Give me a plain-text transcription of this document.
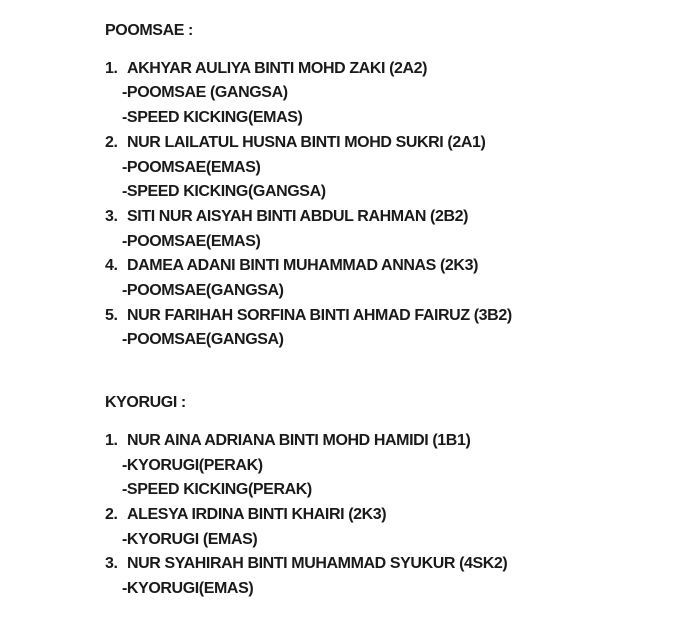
POOMSAE :

1. AKHYAR AULIYA BINTI MOHD ZAKI (2A2)

-POOMSAE (GANGSA)

-SPEED KICKING(EMAS)

2. NUR LAILATUL HUSNA BINTI MOHD SUKRI (2A1)

-POOMSAE(EMAS)

-SPEED KICKING(GANGSA)

3. SITI NUR AISYAH BINTI ABDUL RAHMAN (2B2)

-POOMSAE(EMAS)

4. DAMEA ADANI BINTI MUHAMMAD ANNAS (2K3)

-POOMSAE(GANGSA)

5. NUR FARIHAH SORFINA BINTI AHMAD FAIRUZ (3B2)

-POOMSAE(GANGSA)

KYORUGI :

1. NUR AINA ADRIANA BINTI MOHD HAMIDI (1B1)

-KYORUGI(PERAK)

-SPEED KICKING(PERAK)

2. ALESYA IRDINA BINTI KHAIRI (2K3)

-KYORUGI (EMAS)

3. NUR SYAHIRAH BINTI MUHAMMAD SYUKUR (4SK2)

-KYORUGI(EMAS)
